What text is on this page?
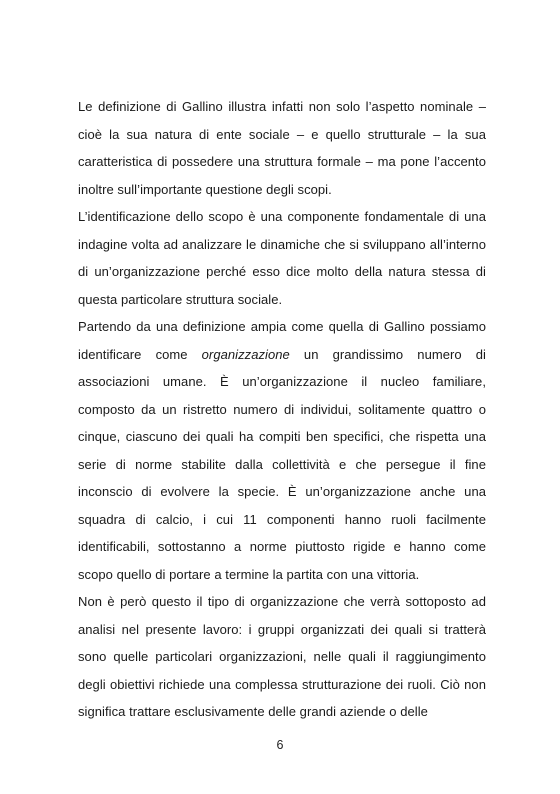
Le definizione di Gallino illustra infatti non solo l’aspetto nominale – cioè la sua natura di ente sociale – e quello strutturale – la sua caratteristica di possedere una struttura formale – ma pone l’accento inoltre sull’importante questione degli scopi.

L’identificazione dello scopo è una componente fondamentale di una indagine volta ad analizzare le dinamiche che si sviluppano all’interno di un’organizzazione perché esso dice molto della natura stessa di questa particolare struttura sociale.

Partendo da una definizione ampia come quella di Gallino possiamo identificare come organizzazione un grandissimo numero di associazioni umane. È un’organizzazione il nucleo familiare, composto da un ristretto numero di individui, solitamente quattro o cinque, ciascuno dei quali ha compiti ben specifici, che rispetta una serie di norme stabilite dalla collettività e che persegue il fine inconscio di evolvere la specie. È un’organizzazione anche una squadra di calcio, i cui 11 componenti hanno ruoli facilmente identificabili, sottostanno a norme piuttosto rigide e hanno come scopo quello di portare a termine la partita con una vittoria.

Non è però questo il tipo di organizzazione che verrà sottoposto ad analisi nel presente lavoro: i gruppi organizzati dei quali si tratterà sono quelle particolari organizzazioni, nelle quali il raggiungimento degli obiettivi richiede una complessa strutturazione dei ruoli. Ciò non significa trattare esclusivamente delle grandi aziende o delle

6
